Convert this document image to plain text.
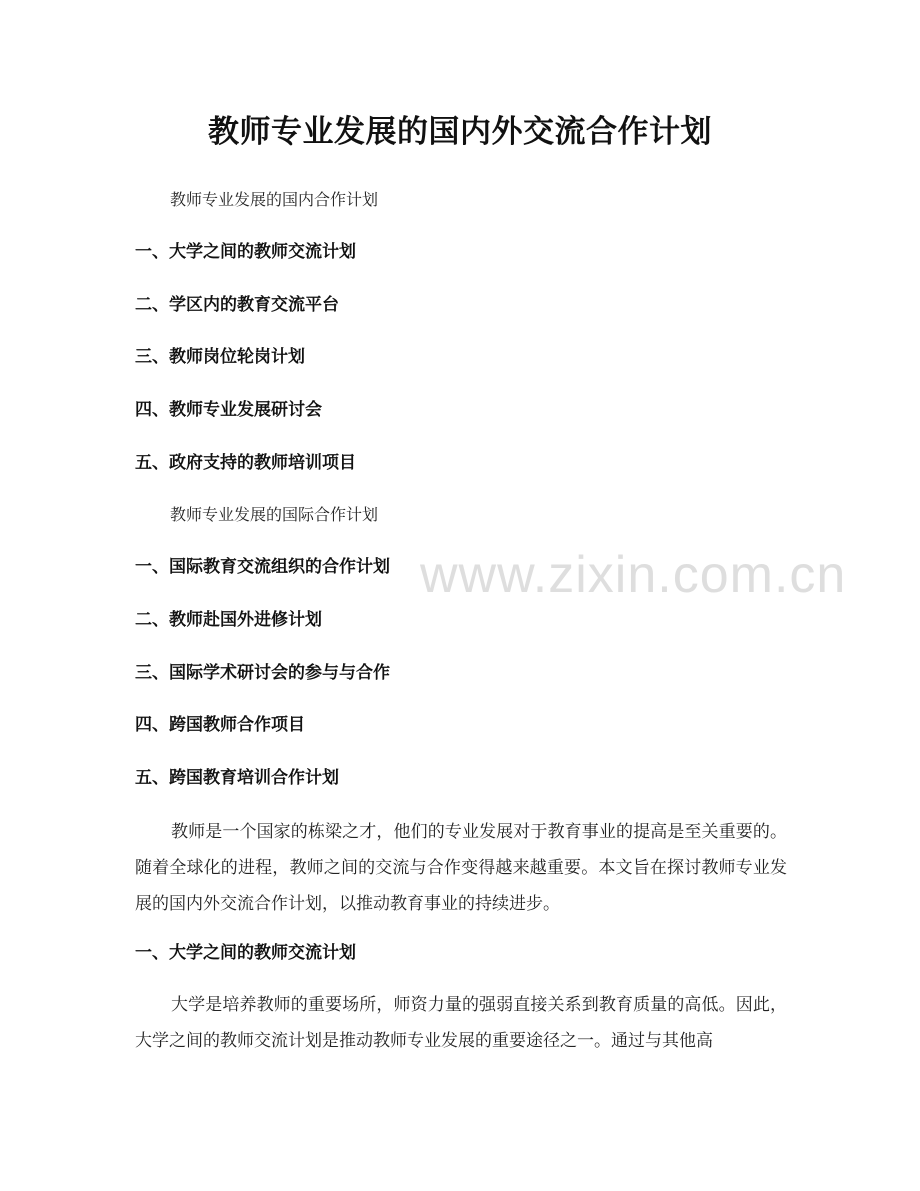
教师专业发展的国内外交流合作计划
教师专业发展的国内合作计划
一、大学之间的教师交流计划
二、学区内的教育交流平台
三、教师岗位轮岗计划
四、教师专业发展研讨会
五、政府支持的教师培训项目
教师专业发展的国际合作计划
一、国际教育交流组织的合作计划
二、教师赴国外进修计划
三、国际学术研讨会的参与与合作
四、跨国教师合作项目
五、跨国教育培训合作计划
教师是一个国家的栋梁之才，他们的专业发展对于教育事业的提高是至关重要的。随着全球化的进程，教师之间的交流与合作变得越来越重要。本文旨在探讨教师专业发展的国内外交流合作计划，以推动教育事业的持续进步。
一、大学之间的教师交流计划
大学是培养教师的重要场所，师资力量的强弱直接关系到教育质量的高低。因此，大学之间的教师交流计划是推动教师专业发展的重要途径之一。通过与其他高
www.zixin.com.cn
